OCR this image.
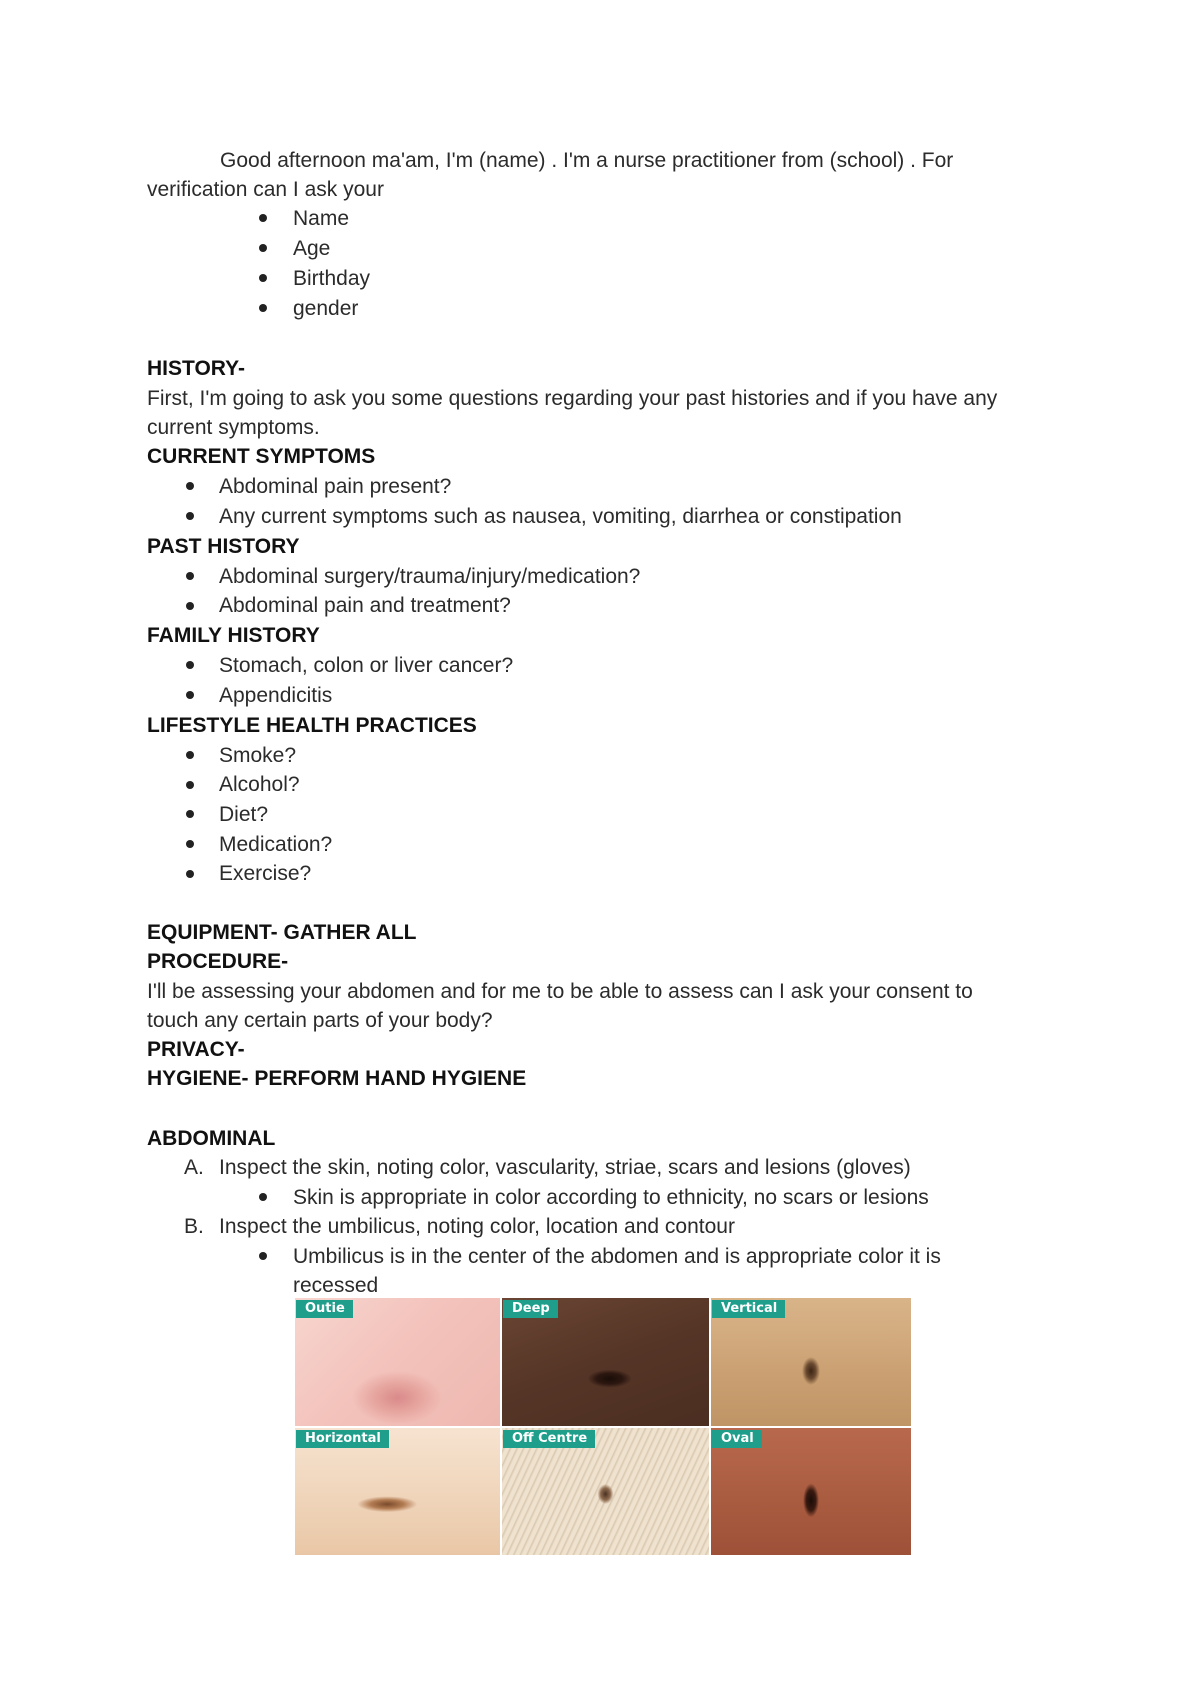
Good afternoon ma'am, I'm (name) . I'm a nurse practitioner from (school) . For
verification can I ask your
Name
Age
Birthday
gender
HISTORY-
First, I'm going to ask you some questions regarding your past histories and if you have any
current symptoms.
CURRENT SYMPTOMS
Abdominal pain present?
Any current symptoms such as nausea, vomiting, diarrhea or constipation
PAST HISTORY
Abdominal surgery/trauma/injury/medication?
Abdominal pain and treatment?
FAMILY HISTORY
Stomach, colon or liver cancer?
Appendicitis
LIFESTYLE HEALTH PRACTICES
Smoke?
Alcohol?
Diet?
Medication?
Exercise?
EQUIPMENT- GATHER ALL
PROCEDURE-
I'll be assessing your abdomen and for me to be able to assess can I ask your consent to
touch any certain parts of your body?
PRIVACY-
HYGIENE- PERFORM HAND HYGIENE
ABDOMINAL
A. Inspect the skin, noting color, vascularity, striae, scars and lesions (gloves)
Skin is appropriate in color according to ethnicity, no scars or lesions
B. Inspect the umbilicus, noting color, location and contour
Umbilicus is in the center of the abdomen and is appropriate color it is
recessed
Outie	Deep	Vertical
Horizontal	Off Centre	Oval
